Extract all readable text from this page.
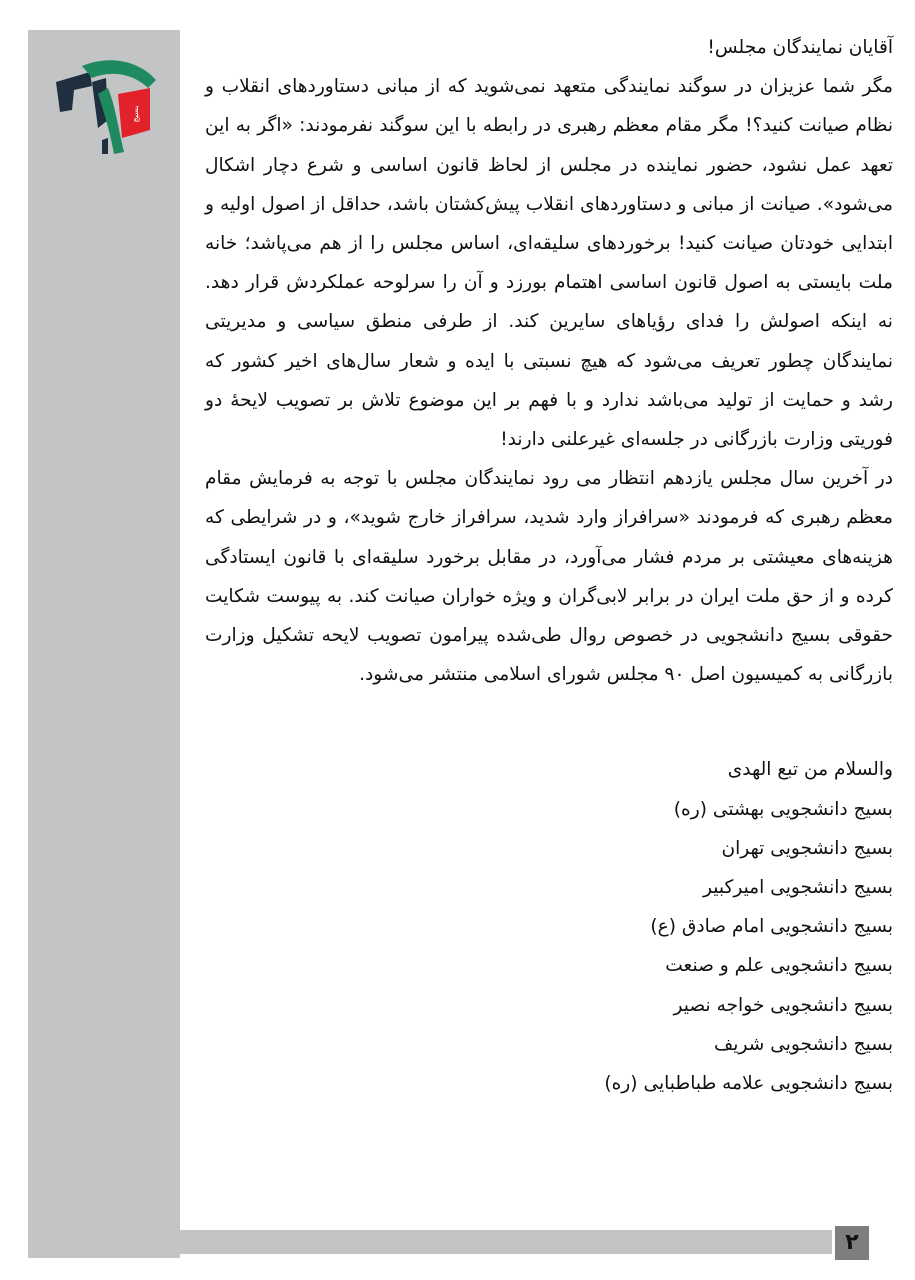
بسیج

آقایان نمایندگان مجلس!

مگر شما عزیزان در سوگند نمایندگی متعهد نمی‌شوید که از مبانی دستاوردهای انقلاب و نظام صیانت کنید؟! مگر مقام معظم رهبری در رابطه با این سوگند نفرمودند: «اگر به این تعهد عمل نشود، حضور نماینده در مجلس از لحاظ قانون اساسی و شرع دچار اشکال می‌شود». صیانت از مبانی و دستاوردهای انقلاب پیش‌کشتان باشد، حداقل از اصول اولیه و ابتدایی خودتان صیانت کنید! برخوردهای سلیقه‌ای، اساس مجلس را از هم می‌پاشد؛ خانه ملت بایستی به اصول قانون اساسی اهتمام بورزد و آن را سرلوحه عملکردش قرار دهد. نه اینکه اصولش را فدای رؤیاهای سایرین کند. از طرفی منطق سیاسی و مدیریتی نمایندگان چطور تعریف می‌شود که هیچ نسبتی با ایده و شعار سال‌های اخیر کشور که رشد و حمایت از تولید می‌باشد ندارد و با فهم بر این موضوع تلاش بر تصویب لایحهٔ دو فوریتی وزارت بازرگانی در جلسه‌ای غیرعلنی دارند!

در آخرین سال مجلس یازدهم انتظار می رود نمایندگان مجلس با توجه به فرمایش مقام معظم رهبری که فرمودند «سرافراز وارد شدید، سرافراز خارج شوید»، و در شرایطی که هزینه‌های معیشتی بر مردم فشار می‌آورد، در مقابل برخورد سلیقه‌ای با قانون ایستادگی کرده و از حق ملت ایران در برابر لابی‌گران و ویژه خواران صیانت کند. به پیوست شکایت حقوقی بسیج دانشجویی در خصوص روال طی‌شده پیرامون تصویب لایحه تشکیل وزارت بازرگانی به کمیسیون اصل ۹۰ مجلس شورای اسلامی منتشر می‌شود.

والسلام من تبع الهدی

بسیج دانشجویی بهشتی (ره)
بسیج دانشجویی تهران
بسیج دانشجویی امیرکبیر
بسیج دانشجویی امام صادق (ع)
بسیج دانشجویی علم و صنعت
بسیج دانشجویی خواجه نصیر
بسیج دانشجویی شریف
بسیج دانشجویی علامه طباطبایی (ره)
۲
